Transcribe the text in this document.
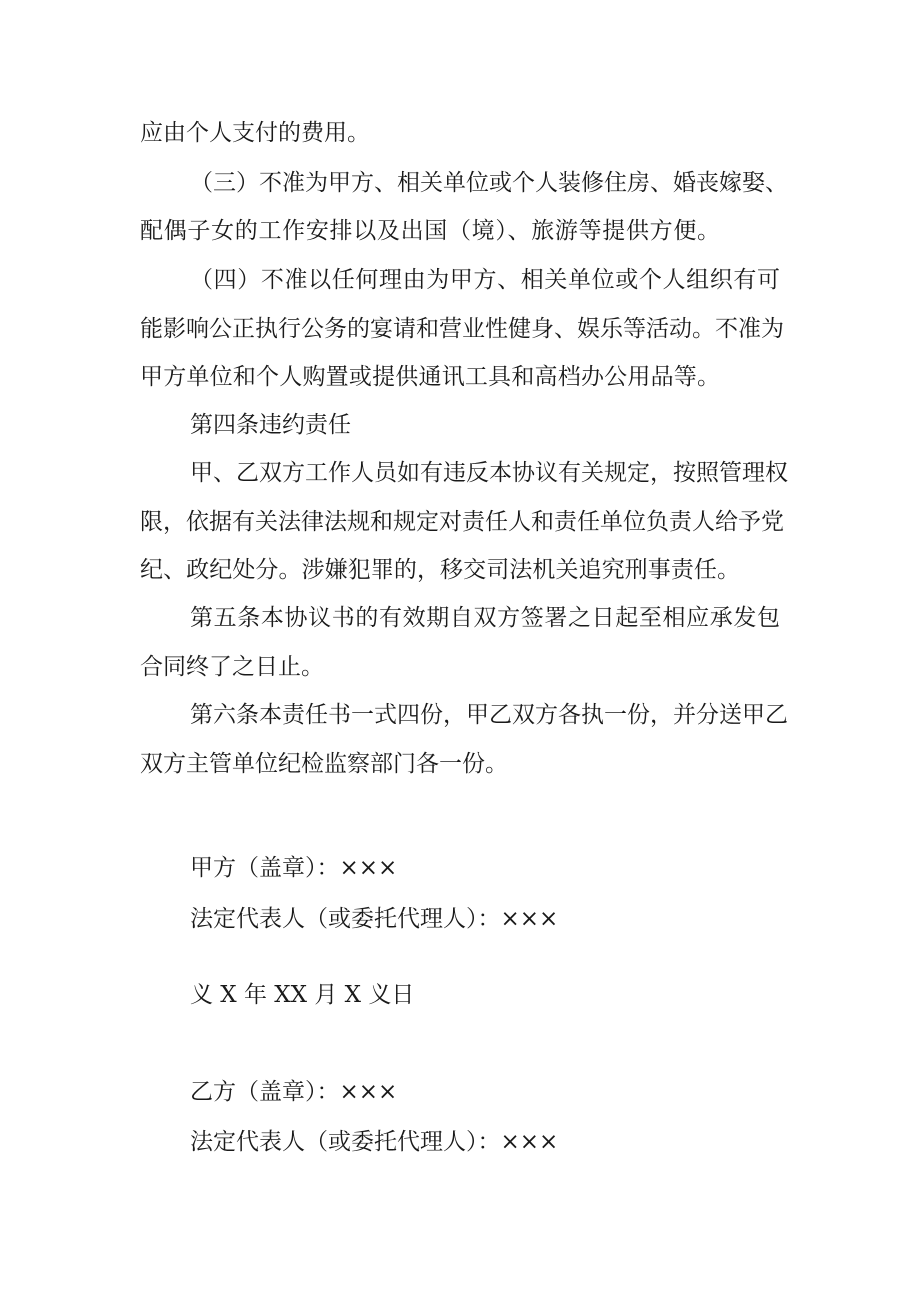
应由个人支付的费用。
（三）不准为甲方、相关单位或个人装修住房、婚丧嫁娶、
配偶子女的工作安排以及出国（境）、旅游等提供方便。
（四）不准以任何理由为甲方、相关单位或个人组织有可
能影响公正执行公务的宴请和营业性健身、娱乐等活动。不准为
甲方单位和个人购置或提供通讯工具和高档办公用品等。
第四条违约责任
甲、乙双方工作人员如有违反本协议有关规定，按照管理权
限，依据有关法律法规和规定对责任人和责任单位负责人给予党
纪、政纪处分。涉嫌犯罪的，移交司法机关追究刑事责任。
第五条本协议书的有效期自双方签署之日起至相应承发包
合同终了之日止。
第六条本责任书一式四份，甲乙双方各执一份，并分送甲乙
双方主管单位纪检监察部门各一份。
甲方（盖章）：×××
法定代表人（或委托代理人）：×××
义 X 年 XX 月 X 义日
乙方（盖章）：×××
法定代表人（或委托代理人）：×××
